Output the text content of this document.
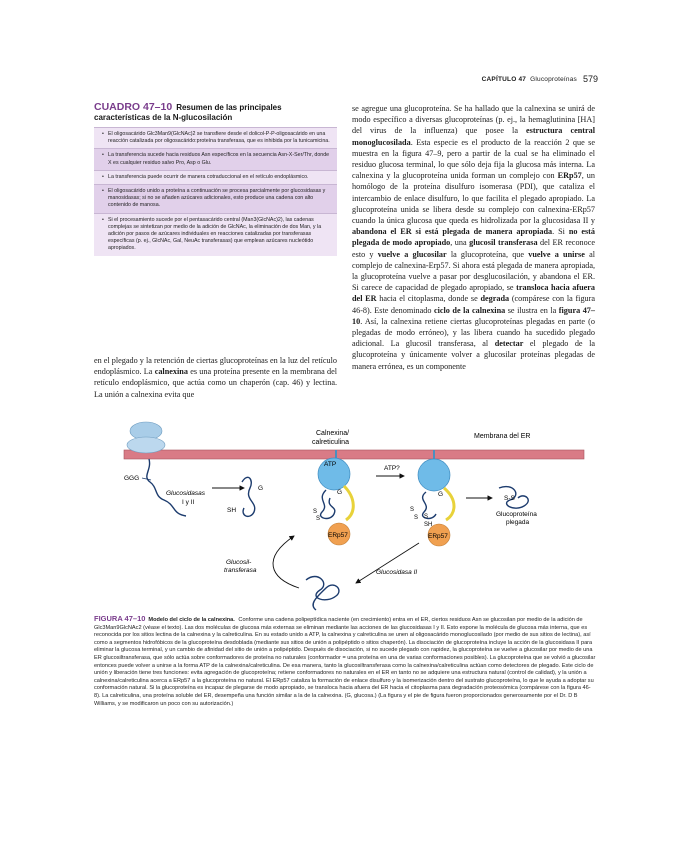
CAPÍTULO 47 Glucoproteínas 579
CUADRO 47–10 Resumen de las principales
características de la N-glucosilación
• El oligosacárido Glc3Man9(GlcNAc)2 se transfiere desde el dolicol-P-P-oligosacárido en una reacción catalizada por oligosacárido:proteína transferasa, que es inhibida por la tunicamicina.
• La transferencia sucede hacia residuos Asn específicos en la secuencia Asn-X-Ser/Thr, donde X es cualquier residuo salvo Pro, Asp o Glu.
• La transferencia puede ocurrir de manera cotraduccional en el retículo endoplásmico.
• El oligosacárido unido a proteína a continuación se procesa parcialmente por glucosidasas y manosidasas; si no se añaden azúcares adicionales, esto produce una cadena con alto contenido de manosa.
• Si el procesamiento sucede por el pentasacárido central (Man3(GlcNAc)2), las cadenas complejas se sintetizan por medio de la adición de GlcNAc, la eliminación de dos Man, y la adición por pasos de azúcares individuales en reacciones catalizadas por transferasas específicas (p. ej., GlcNAc, Gal, NeuAc transferasas) que emplean azúcares nucleótido apropiados.

en el plegado y la retención de ciertas glucoproteínas en la luz del retículo endoplásmico. La calnexina es una proteína presente en la membrana del retículo endoplásmico, que actúa como un chaperón (cap. 46) y lectina. La unión a calnexina evita que

se agregue una glucoproteína. Se ha hallado que la calnexina se unirá de modo específico a diversas glucoproteínas (p. ej., la hemaglutinina [HA] del virus de la influenza) que posee la estructura central monoglucosilada. Esta especie es el producto de la reacción 2 que se muestra en la figura 47–9, pero a partir de la cual se ha eliminado el residuo glucosa terminal, lo que sólo deja fija la glucosa más interna. La calnexina y la glucoproteína unida forman un complejo con ERp57, un homólogo de la proteína disulfuro isomerasa (PDI), que cataliza el intercambio de enlace disulfuro, lo que facilita el plegado apropiado. La glucoproteína unida se libera desde su complejo con calnexina-ERp57 cuando la única glucosa que queda es hidrolizada por la glucosidasa II y abandona el ER si está plegada de manera apropiada. Si no está plegada de modo apropiado, una glucosil transferasa del ER reconoce esto y vuelve a glucosilar la glucoproteína, que vuelve a unirse al complejo de calnexina-Erp57. Si ahora está plegada de manera apropiada, la glucoproteína vuelve a pasar por desglucosilación, y abandona el ER. Si carece de capacidad de plegado apropiado, se transloca hacia afuera del ER hacia el citoplasma, donde se degrada (compárese con la figura 46-8). Este denominado ciclo de la calnexina se ilustra en la figura 47–10. Así, la calnexina retiene ciertas glucoproteínas plegadas en parte (o plegadas de modo erróneo), y las libera cuando ha sucedido plegado adicional. La glucosil transferasa, al detectar el plegado de la glucoproteína y únicamente volver a glucosilar proteínas plegadas de manera errónea, es un componente

Calnexina/
calreticulina
Membrana del ER
GGG
Glucosidasas
I y II
G
SH
ATP
G
S
S
ERp57
ATP?
G
S
S S
SH
ERp57
S-S
Glucoproteína
plegada
Glucosidasa II
Glucosil-
transferasa
FIGURA 47–10 Modelo del ciclo de la calnexina. Conforme una cadena polipeptídica naciente (en crecimiento) entra en el ER, ciertos residuos Asn se glucosilan por medio de la adición de Glc3Man9GlcNAc2 (véase el texto). Las dos moléculas de glucosa más externas se eliminan mediante las acciones de las glucosidasas I y II. Esto expone la molécula de glucosa más interna, que es reconocida por los sitios lectina de la calnexina y la calreticulina. En su estado unido a ATP, la calnexina y calreticulina se unen al oligosacárido monoglucosilado (por medio de sus sitios de lectina), así como a segmentos hidrofóbicos de la glucoproteína desdoblada (mediante sus sitios de unión a polipéptido o sitios chaperón). La disociación de glucoproteína incluye la acción de la glucosidasa II para eliminar la glucosa terminal, y un cambio de afinidad del sitio de unión a polipéptido. Después de disociación, si no sucede plegado con rapidez, la glucoproteína se vuelve a glucosilar por medio de una ER glucosiltransferasa, que sólo actúa sobre conformadores de proteína no naturales (conformador = una proteína en una de varias conformaciones posibles). La glucoproteína que se volvió a glucosilar entonces puede volver a unirse a la forma ATP de la calnexina/calreticulina. De esa manera, tanto la glucosiltransferasa como la calnexina/calreticulina actúan como detectores de plegado. Este ciclo de unión y liberación tiene tres funciones: evita agregación de glucoproteína; retiene conformadores no naturales en el ER en tanto no se adquiere una estructura natural (control de calidad), y la unión a calnexina/calreticulina acerca a ERp57 a la glucoproteína no natural. El ERp57 cataliza la formación de enlace disulfuro y la isomerización dentro del sustrato glucoproteína, lo que le ayuda a adoptar su conformación natural. Si la glucoproteína es incapaz de plegarse de modo apropiado, se transloca hacia afuera del ER hacia el citoplasma para degradación proteosómica (compárese con la figura 46-8). La calreticulina, una proteína soluble del ER, desempeña una función similar a la de la calnexina. (G, glucosa.) (La figura y el pie de figura fueron proporcionados generosamente por el Dr. D B Williams, y se modificaron un poco con su autorización.)
